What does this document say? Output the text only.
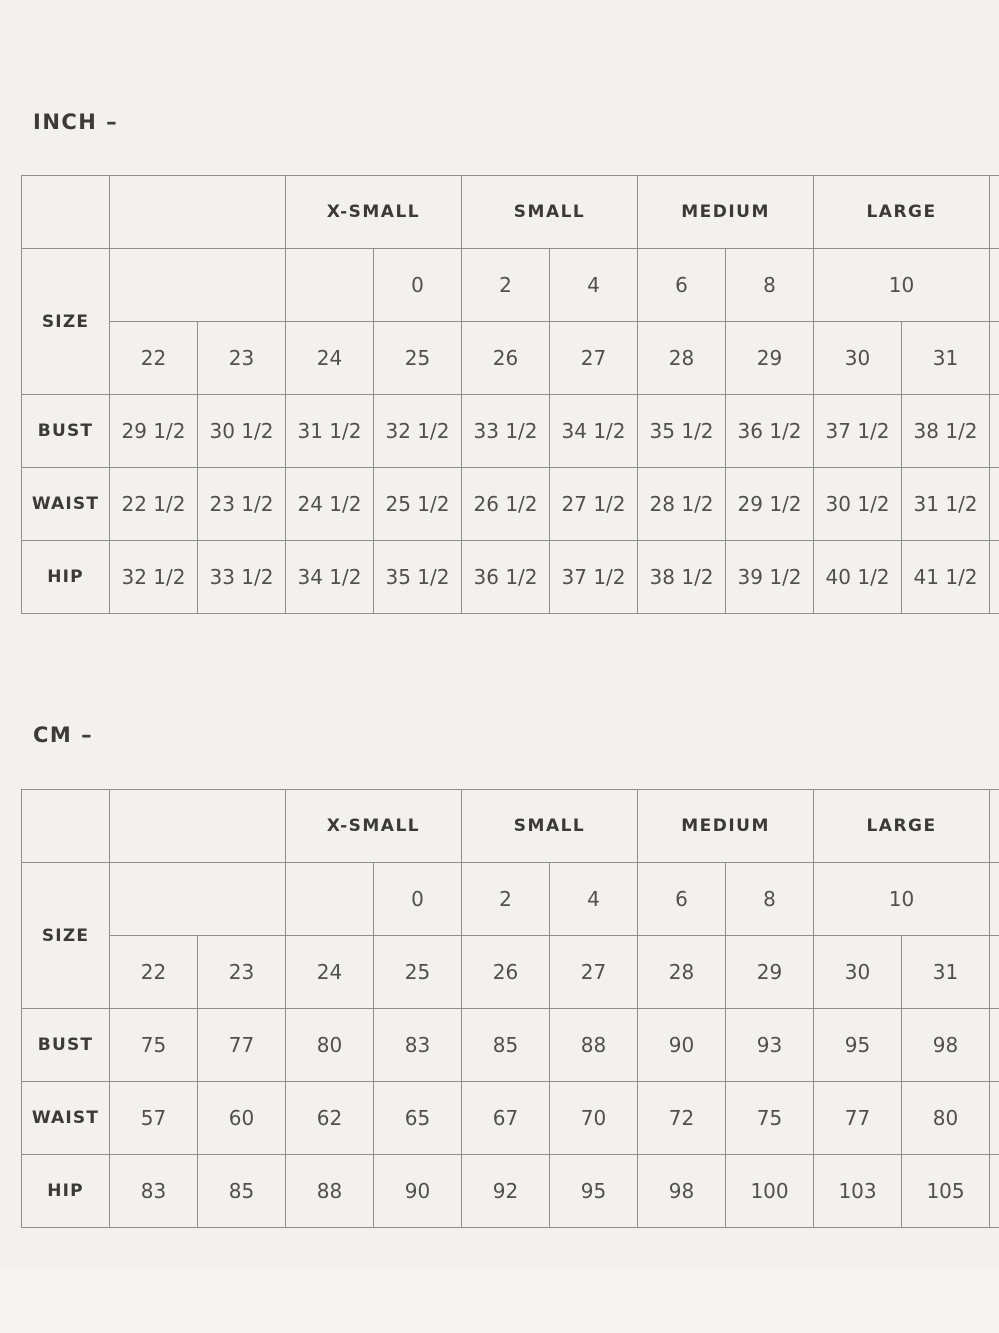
INCH –
			X-SMALL		SMALL		MEDIUM		LARGE		
SIZE				0	2	4	6	8	10		
	22	23	24	25	26	27	28	29	30	31	
BUST	29 1/2	30 1/2	31 1/2	32 1/2	33 1/2	34 1/2	35 1/2	36 1/2	37 1/2	38 1/2	
WAIST	22 1/2	23 1/2	24 1/2	25 1/2	26 1/2	27 1/2	28 1/2	29 1/2	30 1/2	31 1/2	
HIP	32 1/2	33 1/2	34 1/2	35 1/2	36 1/2	37 1/2	38 1/2	39 1/2	40 1/2	41 1/2	
CM –
			X-SMALL		SMALL		MEDIUM		LARGE		
SIZE				0	2	4	6	8	10		
	22	23	24	25	26	27	28	29	30	31	
BUST	75	77	80	83	85	88	90	93	95	98	
WAIST	57	60	62	65	67	70	72	75	77	80	
HIP	83	85	88	90	92	95	98	100	103	105	
